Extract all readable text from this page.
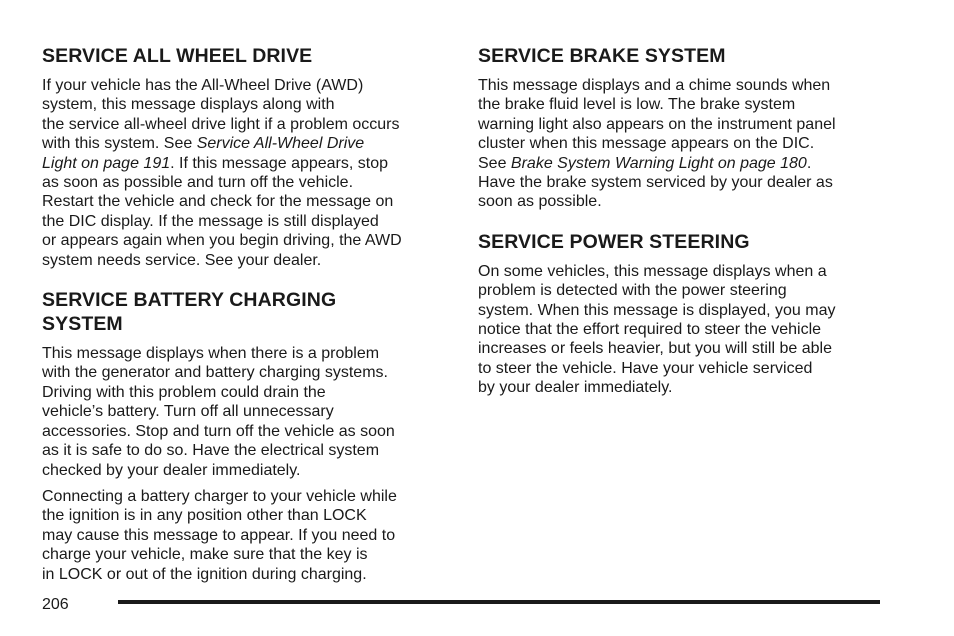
SERVICE ALL WHEEL DRIVE

If your vehicle has the All-Wheel Drive (AWD)
system, this message displays along with
the service all-wheel drive light if a problem occurs
with this system. See Service All-Wheel Drive
Light on page 191. If this message appears, stop
as soon as possible and turn off the vehicle.
Restart the vehicle and check for the message on
the DIC display. If the message is still displayed
or appears again when you begin driving, the AWD
system needs service. See your dealer.

SERVICE BATTERY CHARGING
SYSTEM

This message displays when there is a problem
with the generator and battery charging systems.
Driving with this problem could drain the
vehicle’s battery. Turn off all unnecessary
accessories. Stop and turn off the vehicle as soon
as it is safe to do so. Have the electrical system
checked by your dealer immediately.

Connecting a battery charger to your vehicle while
the ignition is in any position other than LOCK
may cause this message to appear. If you need to
charge your vehicle, make sure that the key is
in LOCK or out of the ignition during charging.

SERVICE BRAKE SYSTEM

This message displays and a chime sounds when
the brake fluid level is low. The brake system
warning light also appears on the instrument panel
cluster when this message appears on the DIC.
See Brake System Warning Light on page 180.
Have the brake system serviced by your dealer as
soon as possible.

SERVICE POWER STEERING

On some vehicles, this message displays when a
problem is detected with the power steering
system. When this message is displayed, you may
notice that the effort required to steer the vehicle
increases or feels heavier, but you will still be able
to steer the vehicle. Have your vehicle serviced
by your dealer immediately.

206
